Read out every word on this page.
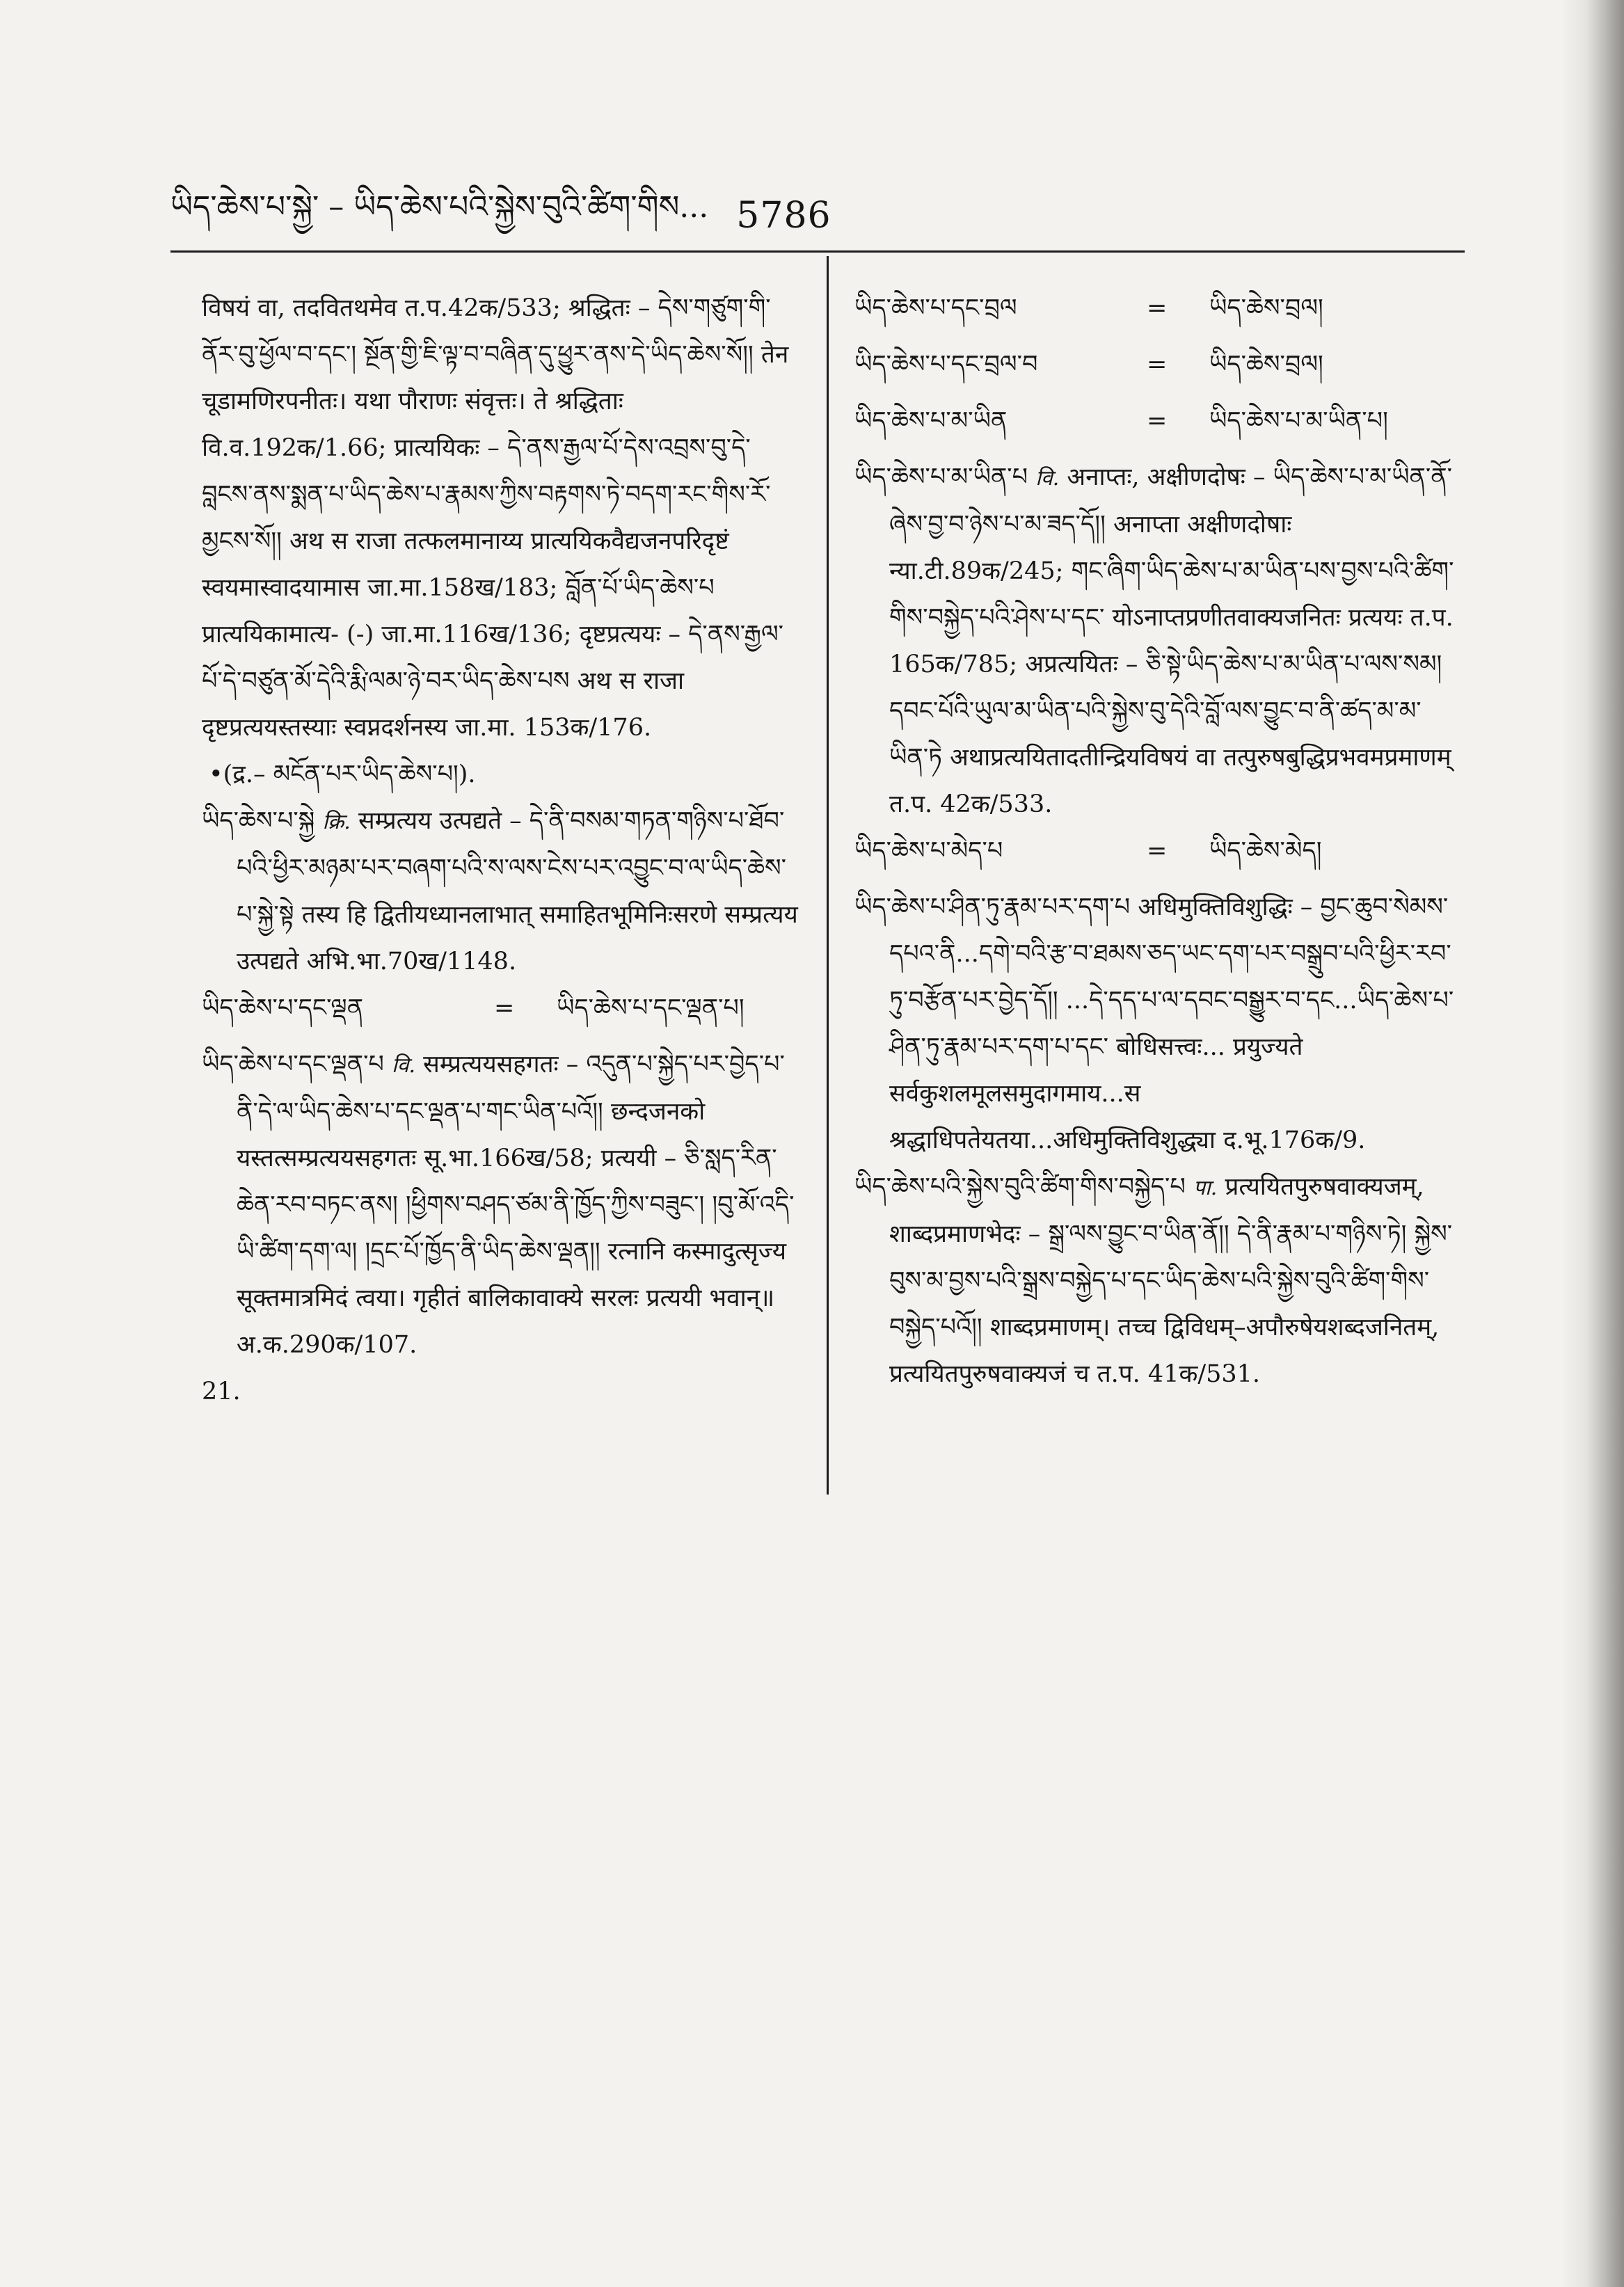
ཡིད་ཆེས་པ་སྐྱེ་ – ཡིད་ཆེས་པའི་སྐྱེས་བུའི་ཚིག་གིས... 5786

विषयं वा, तदवितथमेव त.प.42क/533; श्रद्धितः – དེས་གཙུག་གི་ནོར་བུ་ཕྱོལ་བ་དང་། སྔོན་གྱི་ཇི་ལྟ་བ་བཞིན་དུ་ཕྱུར་ནས་དེ་ཡིད་ཆེས་སོ།། तेन चूडामणिरपनीतः। यथा पौराणः संवृत्तः। ते श्रद्धिताः वि.व.192क/1.66; प्रात्ययिकः – དེ་ནས་རྒྱལ་པོ་དེས་འབྲས་བུ་དེ་བླངས་ནས་སྨན་པ་ཡིད་ཆེས་པ་རྣམས་ཀྱིས་བརྟགས་ཏེ་བདག་རང་གིས་རོ་མྱངས་སོ།། अथ स राजा तत्फलमानाय्य प्रात्ययिकवैद्यजनपरिदृष्टं स्वयमास्वादयामास जा.मा.158ख/183; བློན་པོ་ཡིད་ཆེས་པ प्रात्ययिकामात्य- (-) जा.मा.116ख/136; दृष्टप्रत्ययः – དེ་ནས་རྒྱལ་པོ་དེ་བཙུན་མོ་དེའི་རྨི་ལམ་ཉེ་བར་ཡིད་ཆེས་པས अथ स राजा दृष्टप्रत्ययस्तस्याः स्वप्नदर्शनस्य जा.मा. 153क/176.

•(द्र.– མངོན་པར་ཡིད་ཆེས་པ།).

ཡིད་ཆེས་པ་སྐྱེ क्रि. सम्प्रत्यय उत्पद्यते – དེ་ནི་བསམ་གཏན་གཉིས་པ་ཐོབ་པའི་ཕྱིར་མཉམ་པར་བཞག་པའི་ས་ལས་ངེས་པར་འབྱུང་བ་ལ་ཡིད་ཆེས་པ་སྐྱེ་སྟེ तस्य हि द्वितीयध्यानलाभात् समाहितभूमिनिःसरणे सम्प्रत्यय उत्पद्यते अभि.भा.70ख/1148.

ཡིད་ཆེས་པ་དང་ལྡན	=	ཡིད་ཆེས་པ་དང་ལྡན་པ།

ཡིད་ཆེས་པ་དང་ལྡན་པ वि. सम्प्रत्ययसहगतः – འདུན་པ་སྐྱེད་པར་བྱེད་པ་ནི་དེ་ལ་ཡིད་ཆེས་པ་དང་ལྡན་པ་གང་ཡིན་པའོ།། छन्दजनको यस्तत्सम्प्रत्ययसहगतः सू.भा.166ख/58; प्रत्ययी – ཅི་སླད་རིན་ཆེན་རབ་བཏང་ནས། །ཕྱིགས་བཤད་ཙམ་ནི་ཁྱོད་ཀྱིས་བཟུང་། །བུ་མོ་འདི་ཡི་ཚིག་དག་ལ། །དྲང་པོ་ཁྱོད་ནི་ཡིད་ཆེས་ལྡན།། रत्नानि कस्मादुत्सृज्य सूक्तमात्रमिदं त्वया। गृहीतं बालिकावाक्ये सरलः प्रत्ययी भवान्॥ अ.क.290क/107.

21.

ཡིད་ཆེས་པ་དང་བྲལ	=	ཡིད་ཆེས་བྲལ།
ཡིད་ཆེས་པ་དང་བྲལ་བ	=	ཡིད་ཆེས་བྲལ།
ཡིད་ཆེས་པ་མ་ཡིན	=	ཡིད་ཆེས་པ་མ་ཡིན་པ།

ཡིད་ཆེས་པ་མ་ཡིན་པ वि. अनाप्तः, अक्षीणदोषः – ཡིད་ཆེས་པ་མ་ཡིན་ནོ་ཞེས་བྱ་བ་ཉེས་པ་མ་ཟད་དོ།། अनाप्ता अक्षीणदोषाः न्या.टी.89क/245; གང་ཞིག་ཡིད་ཆེས་པ་མ་ཡིན་པས་བྱས་པའི་ཚིག་གིས་བསྐྱེད་པའི་ཤེས་པ་དང་ योऽनाप्तप्रणीतवाक्यजनितः प्रत्ययः त.प. 165क/785; अप्रत्ययितः – ཅི་སྟེ་ཡིད་ཆེས་པ་མ་ཡིན་པ་ལས་སམ། དབང་པོའི་ཡུལ་མ་ཡིན་པའི་སྐྱེས་བུ་དེའི་བློ་ལས་བྱུང་བ་ནི་ཚད་མ་མ་ཡིན་ཏེ अथाप्रत्ययितादतीन्द्रियविषयं वा तत्पुरुषबुद्धिप्रभवमप्रमाणम् त.प. 42क/533.

ཡིད་ཆེས་པ་མེད་པ	=	ཡིད་ཆེས་མེད།

ཡིད་ཆེས་པ་ཤིན་ཏུ་རྣམ་པར་དག་པ अधिमुक्तिविशुद्धिः – བྱང་ཆུབ་སེམས་དཔའ་ནི...དགེ་བའི་རྩ་བ་ཐམས་ཅད་ཡང་དག་པར་བསྒྲུབ་པའི་ཕྱིར་རབ་ཏུ་བརྩོན་པར་བྱེད་དོ།། ...དེ་དད་པ་ལ་དབང་བསྒྱུར་བ་དང...ཡིད་ཆེས་པ་ཤིན་ཏུ་རྣམ་པར་དག་པ་དང་ बोधिसत्त्वः... प्रयुज्यते सर्वकुशलमूलसमुदागमाय...स श्रद्धाधिपतेयतया...अधिमुक्तिविशुद्ध्या द.भू.176क/9.

ཡིད་ཆེས་པའི་སྐྱེས་བུའི་ཚིག་གིས་བསྐྱེད་པ पा. प्रत्ययितपुरुषवाक्यजम्, शाब्दप्रमाणभेदः – སྒྲ་ལས་བྱུང་བ་ཡིན་ནོ།། དེ་ནི་རྣམ་པ་གཉིས་ཏེ། སྐྱེས་བུས་མ་བྱས་པའི་སྒྲས་བསྐྱེད་པ་དང་ཡིད་ཆེས་པའི་སྐྱེས་བུའི་ཚིག་གིས་བསྐྱེད་པའོ།། शाब्दप्रमाणम्। तच्च द्विविधम्–अपौरुषेयशब्दजनितम्, प्रत्ययितपुरुषवाक्यजं च त.प. 41क/531.
